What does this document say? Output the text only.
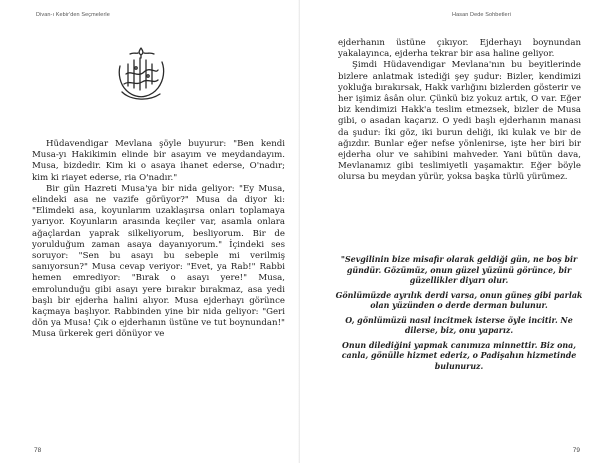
Divan-ı Kebir'den Seçmelerle

Hüdavendigar Mevlana şöyle buyurur: "Ben kendi Musa-yı Hakikimin elinde bir asayım ve meydandayım. Musa, bizdedir. Kim ki o asaya ihanet ederse, O'nadır; kim ki riayet ederse, ria O'nadır."

Bir gün Hazreti Musa'ya bir nida geliyor: "Ey Musa, elindeki asa ne vazife görüyor?" Musa da diyor ki: "Elimdeki asa, koyunlarım uzaklaşırsa onları toplamaya yarıyor. Koyunların arasında keçiler var, asamla onlara ağaçlardan yaprak silkeliyorum, besliyorum. Bir de yorulduğum zaman asaya dayanıyorum." İçindeki ses soruyor: "Sen bu asayı bu sebeple mi verilmiş sanıyorsun?" Musa cevap veriyor: "Evet, ya Rab!" Rabbi hemen emrediyor: "Bırak o asayı yere!" Musa, emrolunduğu gibi asayı yere bırakır bırakmaz, asa yedi başlı bir ejderha halini alıyor. Musa ejderhayı görünce kaçmaya başlıyor. Rabbinden yine bir nida geliyor: "Geri dön ya Musa! Çık o ejderhanın üstüne ve tut boynundan!" Musa ürkerek geri dönüyor ve

78
Hasan Dede Sohbetleri
79

ejderhanın üstüne çıkıyor. Ejderhayı boynundan yakalayınca, ejderha tekrar bir asa haline geliyor.

Şimdi Hüdavendigar Mevlana'nın bu beyitlerinde bizlere anlatmak istediği şey şudur: Bizler, kendimizi yokluğa bırakırsak, Hakk varlığını bizlerden gösterir ve her işimiz âsân olur. Çünkü biz yokuz artık, O var. Eğer biz kendimizi Hakk'a teslim etmezsek, bizler de Musa gibi, o asadan kaçarız. O yedi başlı ejderhanın manası da şudur: İki göz, iki burun deliği, iki kulak ve bir de ağızdır. Bunlar eğer nefse yönlenirse, işte her biri bir ejderha olur ve sahibini mahveder. Yani bütün dava, Mevlanamız gibi teslimiyetli yaşamaktır. Eğer böyle olursa bu meydan yürür, yoksa başka türlü yürümez.

"Sevgilinin bize misafir olarak geldiği gün, ne boş bir gündür. Gözümüz, onun güzel yüzünü görünce, bir güzellikler diyarı olur.

Gönlümüzde ayrılık derdi varsa, onun güneş gibi parlak olan yüzünden o derde derman bulunur.

O, gönlümüzü nasıl incitmek isterse öyle incitir. Ne dilerse, biz, onu yaparız.

Onun dilediğini yapmak canımıza minnettir. Biz ona, canla, gönülle hizmet ederiz, o Padişahın hizmetinde bulunuruz.
